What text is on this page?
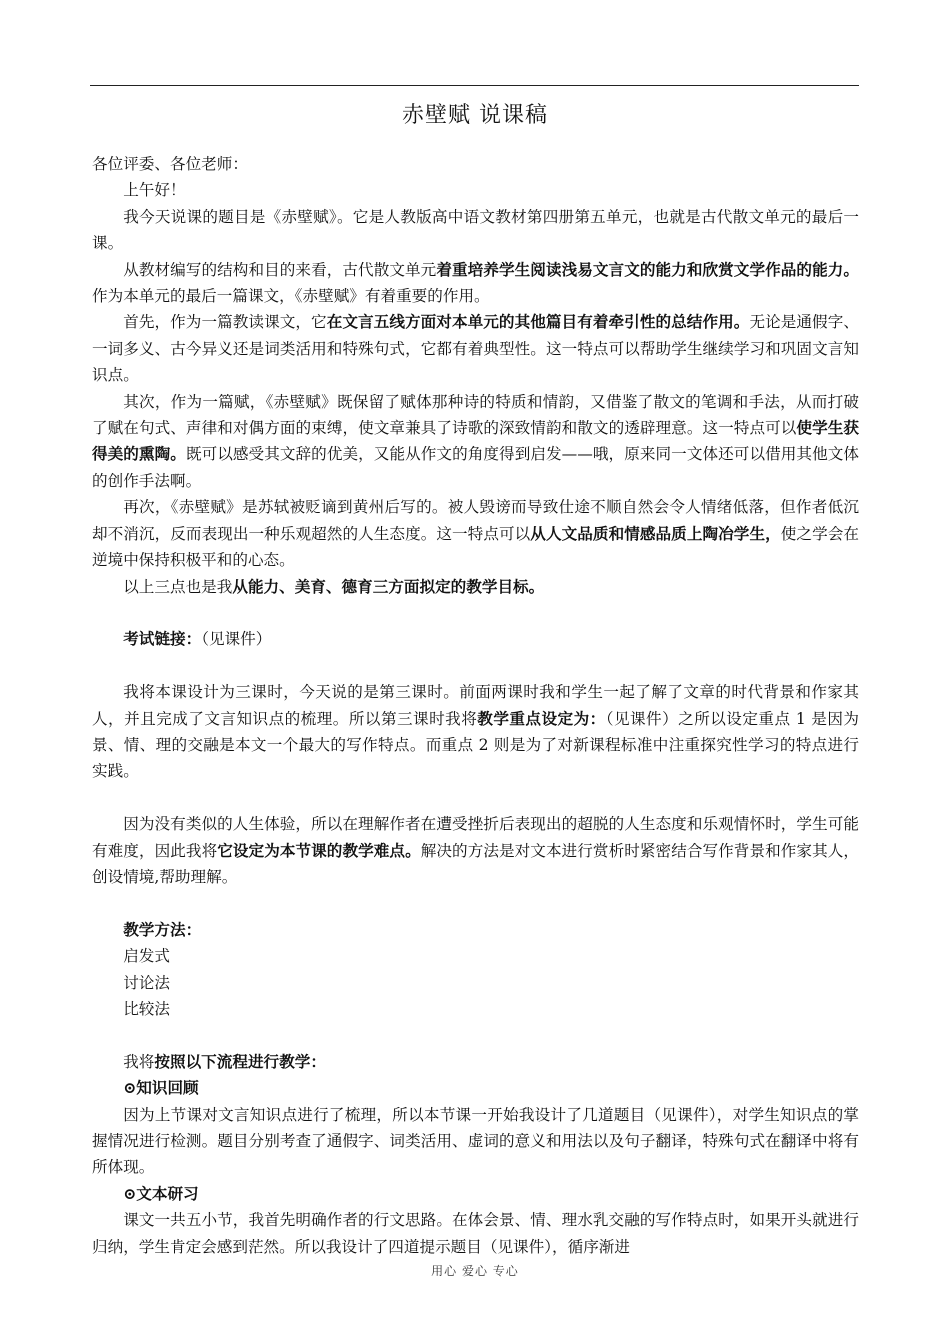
赤壁赋 说课稿

各位评委、各位老师：

上午好！

我今天说课的题目是《赤壁赋》。它是人教版高中语文教材第四册第五单元，也就是古代散文单元的最后一课。

从教材编写的结构和目的来看，古代散文单元着重培养学生阅读浅易文言文的能力和欣赏文学作品的能力。作为本单元的最后一篇课文，《赤壁赋》有着重要的作用。

首先，作为一篇教读课文，它在文言五线方面对本单元的其他篇目有着牵引性的总结作用。无论是通假字、一词多义、古今异义还是词类活用和特殊句式，它都有着典型性。这一特点可以帮助学生继续学习和巩固文言知识点。

其次，作为一篇赋，《赤壁赋》既保留了赋体那种诗的特质和情韵，又借鉴了散文的笔调和手法，从而打破了赋在句式、声律和对偶方面的束缚，使文章兼具了诗歌的深致情韵和散文的透辟理意。这一特点可以使学生获得美的熏陶。既可以感受其文辞的优美，又能从作文的角度得到启发——哦，原来同一文体还可以借用其他文体的创作手法啊。

再次，《赤壁赋》是苏轼被贬谪到黄州后写的。被人毁谤而导致仕途不顺自然会令人情绪低落，但作者低沉却不消沉，反而表现出一种乐观超然的人生态度。这一特点可以从人文品质和情感品质上陶冶学生，使之学会在逆境中保持积极平和的心态。

以上三点也是我从能力、美育、德育三方面拟定的教学目标。

考试链接：（见课件）

我将本课设计为三课时，今天说的是第三课时。前面两课时我和学生一起了解了文章的时代背景和作家其人，并且完成了文言知识点的梳理。所以第三课时我将教学重点设定为：（见课件）之所以设定重点 1 是因为景、情、理的交融是本文一个最大的写作特点。而重点 2 则是为了对新课程标准中注重探究性学习的特点进行实践。

因为没有类似的人生体验，所以在理解作者在遭受挫折后表现出的超脱的人生态度和乐观情怀时，学生可能有难度，因此我将它设定为本节课的教学难点。解决的方法是对文本进行赏析时紧密结合写作背景和作家其人，创设情境,帮助理解。

教学方法：

启发式

讨论法

比较法

我将按照以下流程进行教学：

⊙知识回顾

因为上节课对文言知识点进行了梳理，所以本节课一开始我设计了几道题目（见课件），对学生知识点的掌握情况进行检测。题目分别考查了通假字、词类活用、虚词的意义和用法以及句子翻译，特殊句式在翻译中将有所体现。

⊙文本研习

课文一共五小节，我首先明确作者的行文思路。在体会景、情、理水乳交融的写作特点时，如果开头就进行归纳，学生肯定会感到茫然。所以我设计了四道提示题目（见课件），循序渐进

用心 爱心 专心
